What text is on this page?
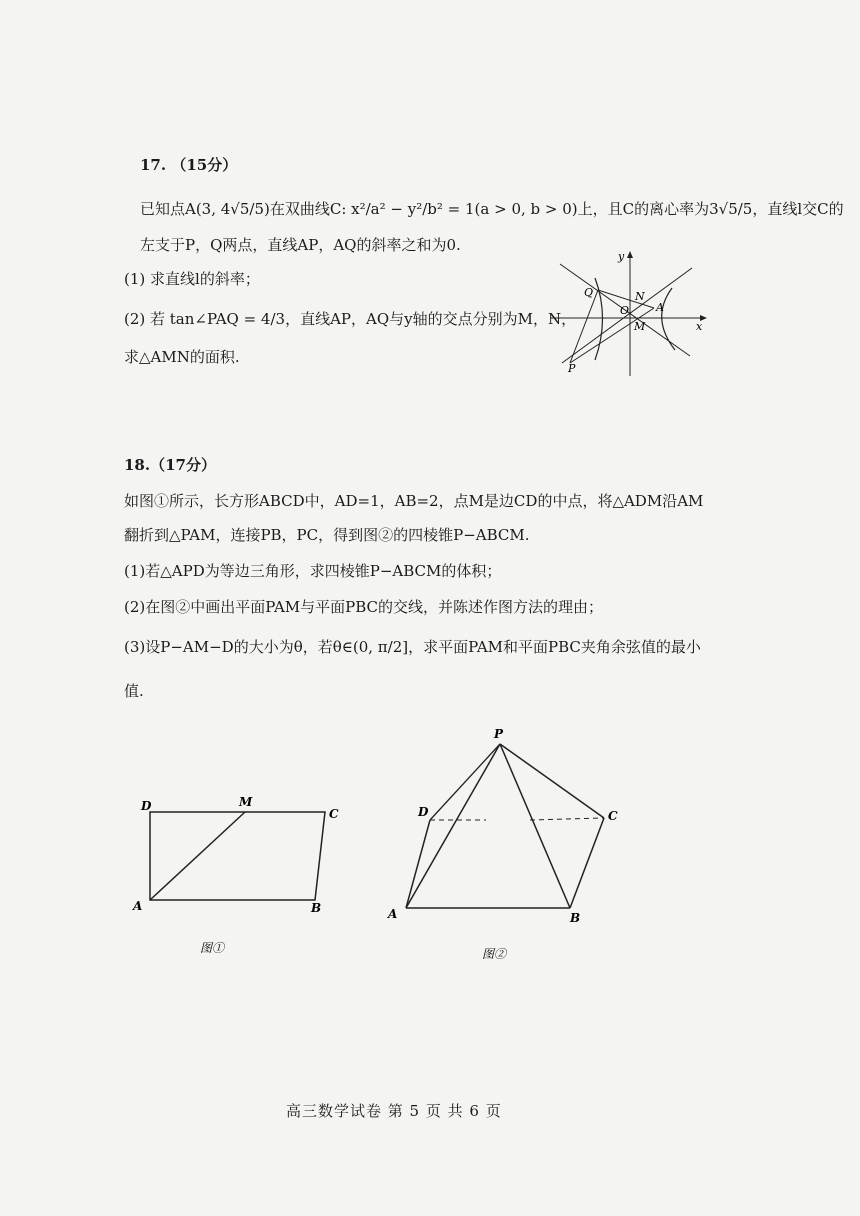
17. （15分）
已知点A(3, 4√5/5)在双曲线C: x²/a² − y²/b² = 1(a > 0, b > 0)上，且C的离心率为3√5/5，直线l交C的
左支于P，Q两点，直线AP，AQ的斜率之和为0.
(1) 求直线l的斜率；
(2) 若 tan∠PAQ = 4/3，直线AP，AQ与y轴的交点分别为M，N，
求△AMN的面积.
y
x
Q	N
O A
M
P
18.（17分）
如图①所示，长方形ABCD中，AD=1，AB=2，点M是边CD的中点，将△ADM沿AM
翻折到△PAM，连接PB，PC，得到图②的四棱锥P−ABCM.
(1)若△APD为等边三角形，求四棱锥P−ABCM的体积；
(2)在图②中画出平面PAM与平面PBC的交线，并陈述作图方法的理由；
(3)设P−AM−D的大小为θ，若θ∈(0, π/2]，求平面PAM和平面PBC夹角余弦值的最小
值.
D	M
C
A	B
图①
P
D	C
A	B
图②
高三数学试卷 第 5 页 共 6 页
